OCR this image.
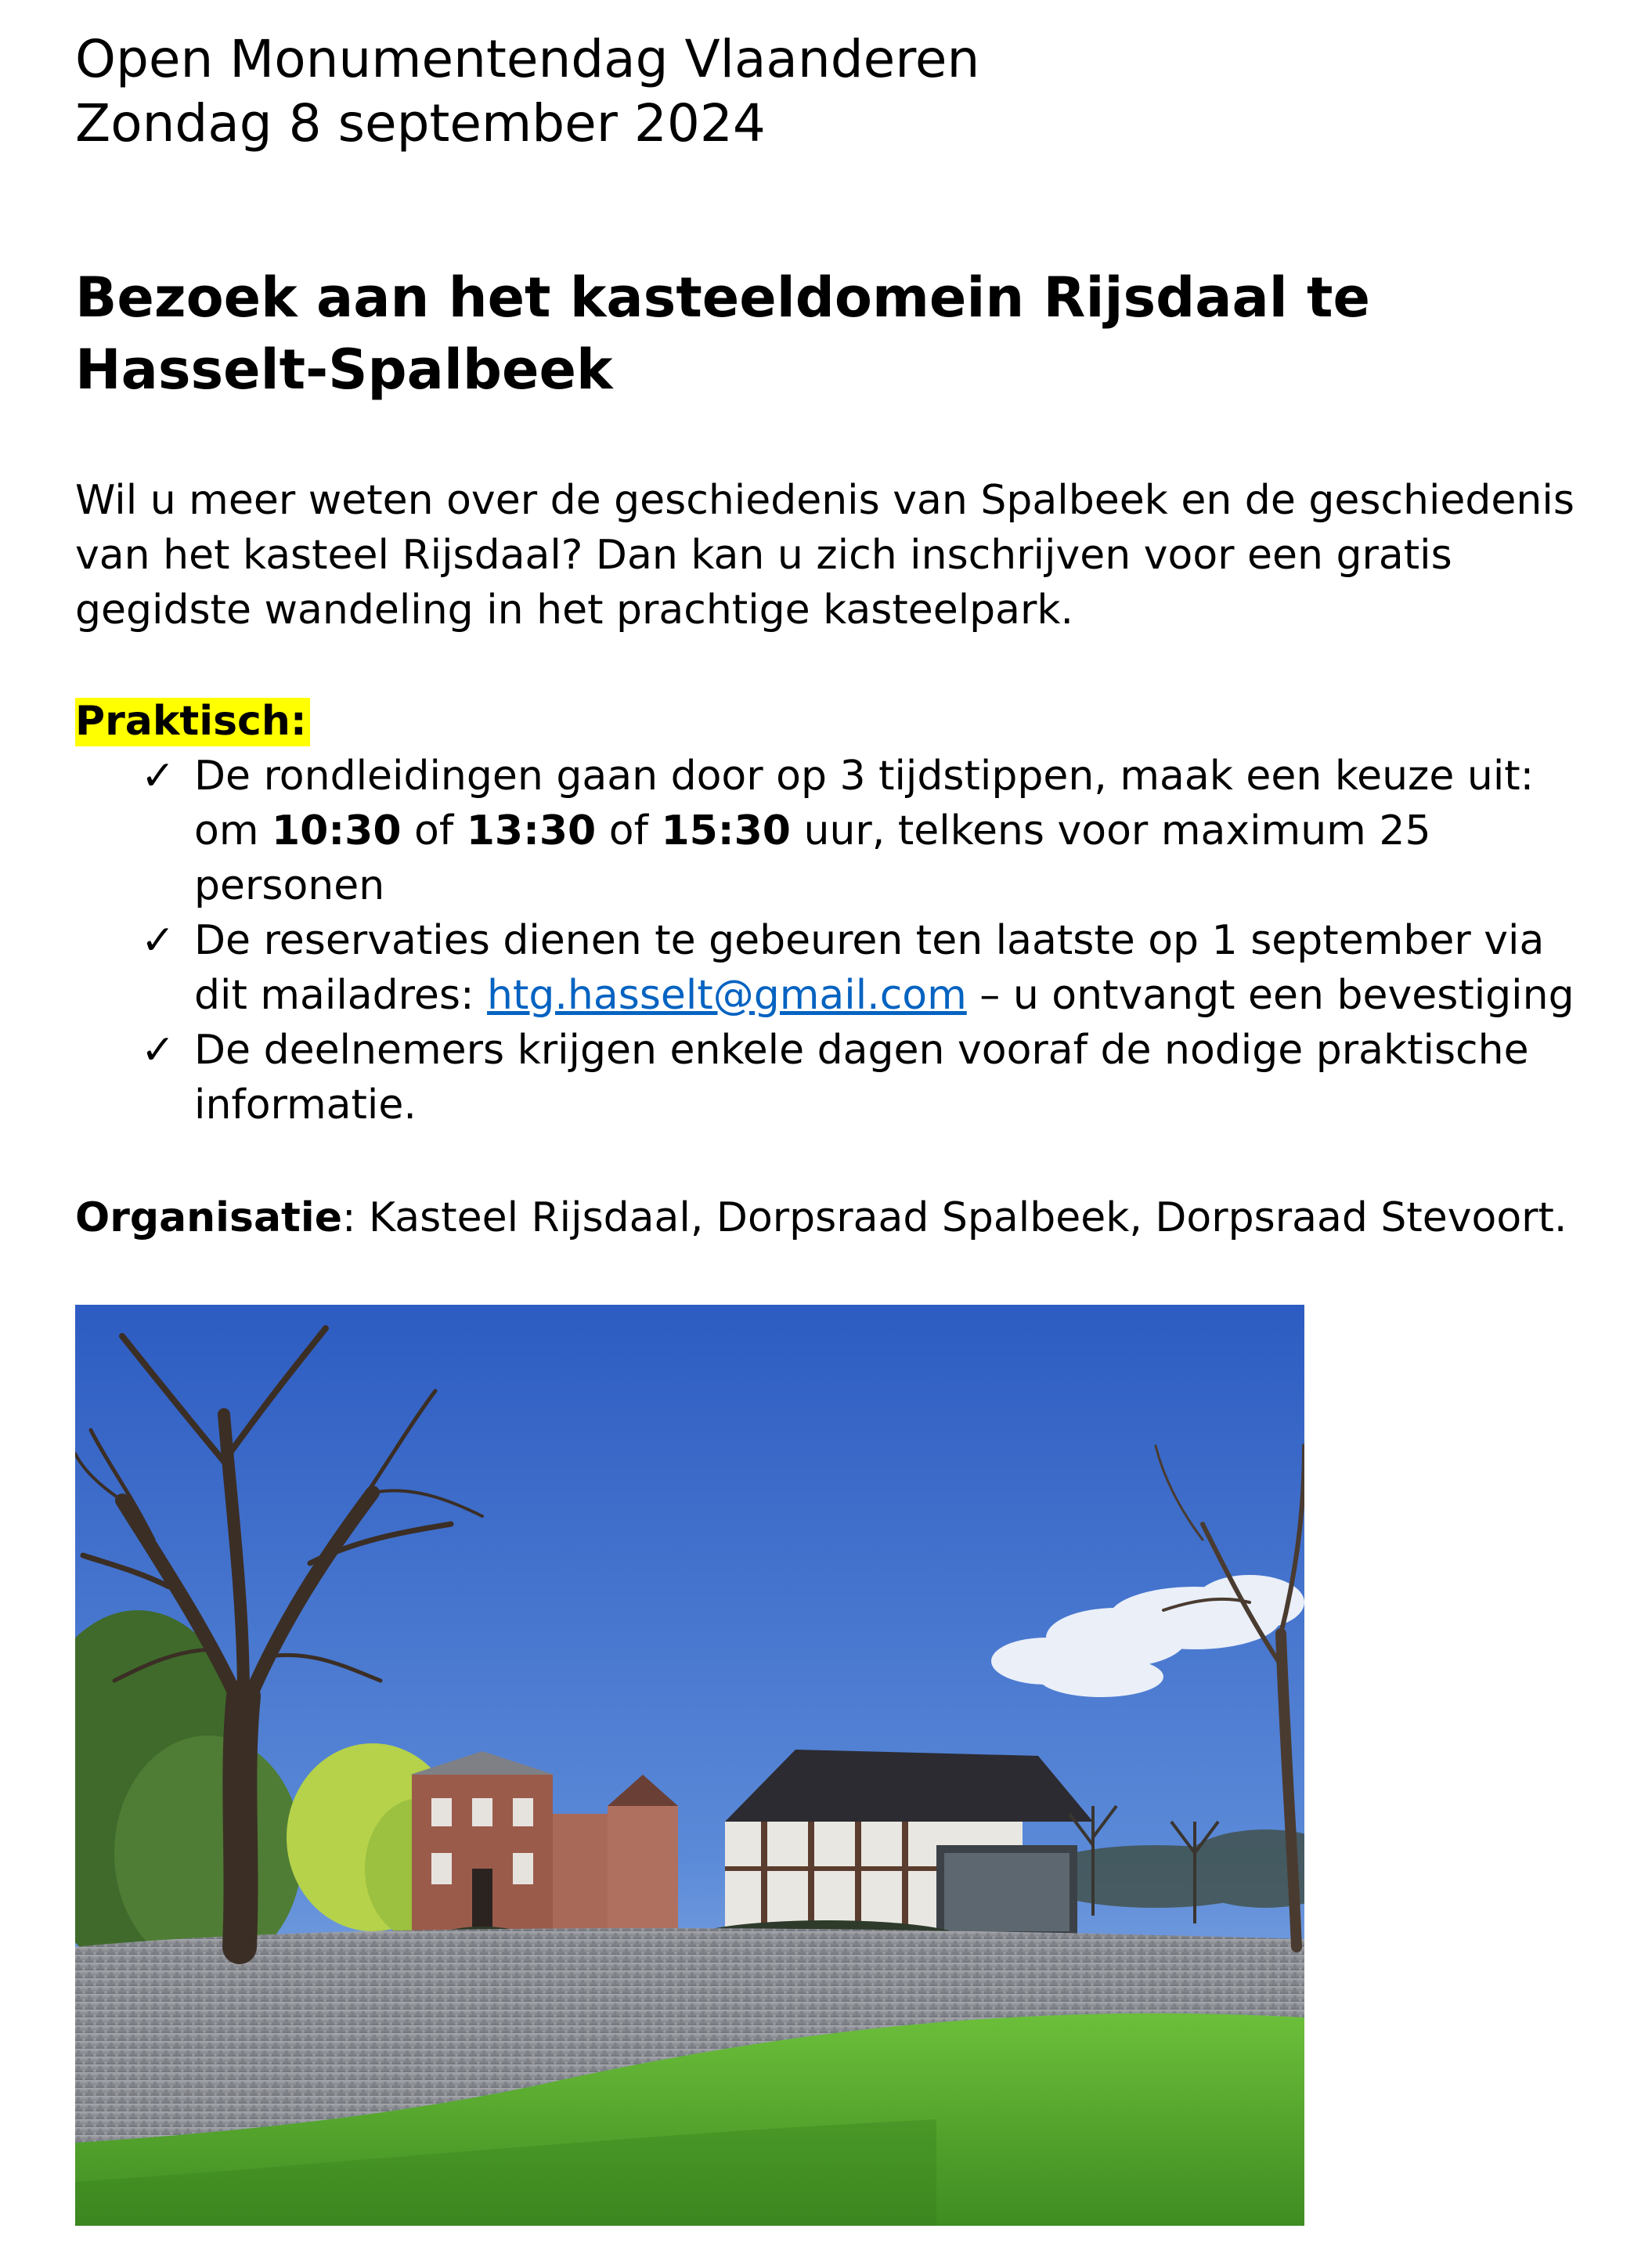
Open Monumentendag Vlaanderen
Zondag 8 september 2024
Bezoek aan het kasteeldomein Rijsdaal te
Hasselt-Spalbeek
Wil u meer weten over de geschiedenis van Spalbeek en de geschiedenis
van het kasteel Rijsdaal? Dan kan u zich inschrijven voor een gratis
gegidste wandeling in het prachtige kasteelpark.
Praktisch:
✓ De rondleidingen gaan door op 3 tijdstippen, maak een keuze uit:
om 10:30 of 13:30 of 15:30 uur, telkens voor maximum 25
personen
✓ De reservaties dienen te gebeuren ten laatste op 1 september via
dit mailadres: htg.hasselt@gmail.com – u ontvangt een bevestiging
✓ De deelnemers krijgen enkele dagen vooraf de nodige praktische
informatie.
Organisatie: Kasteel Rijsdaal, Dorpsraad Spalbeek, Dorpsraad Stevoort.
